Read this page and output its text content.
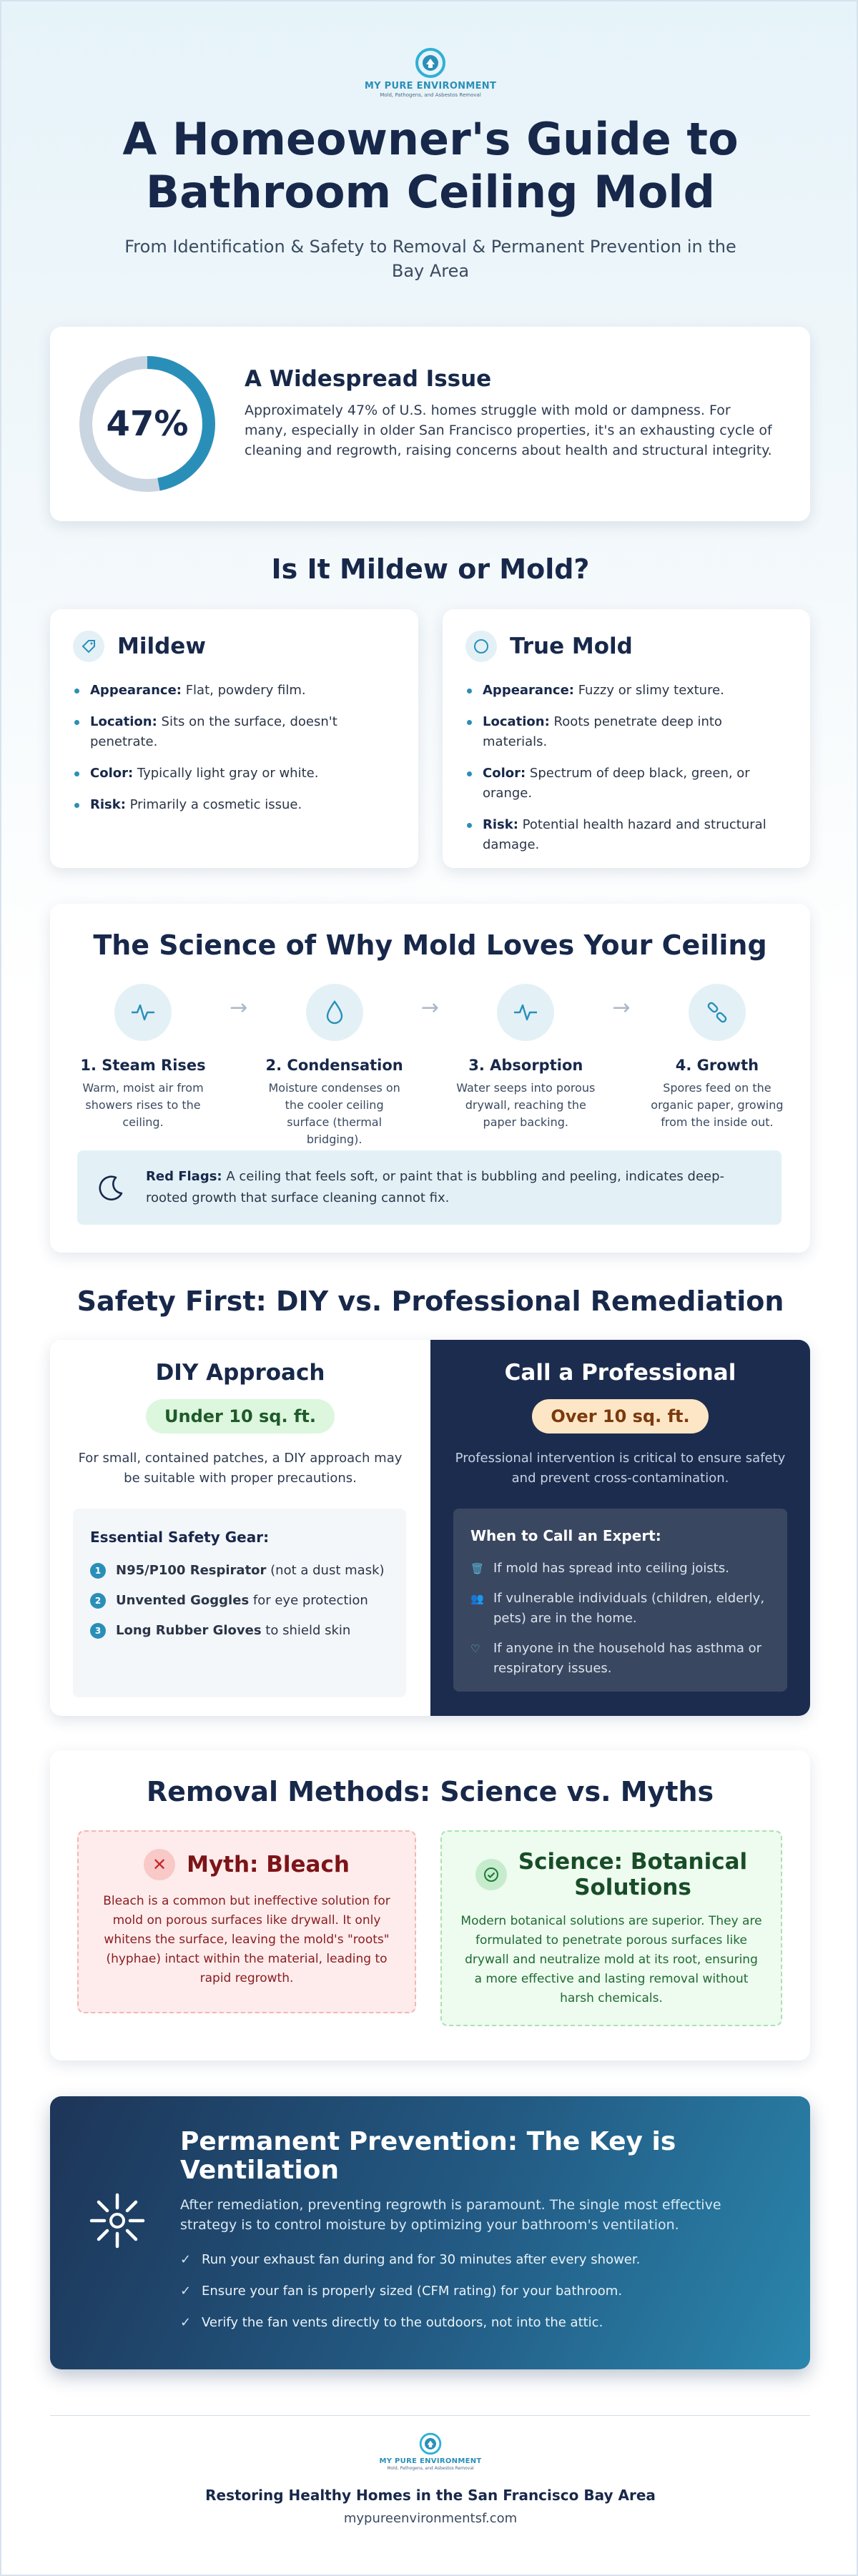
MY PURE ENVIRONMENT
Mold, Pathogens, and Asbestos Removal
A Homeowner's Guide to
Bathroom Ceiling Mold
From Identification & Safety to Removal & Permanent Prevention in the
Bay Area
47%
A Widespread Issue
Approximately 47% of U.S. homes struggle with mold or dampness. For many, especially in older San Francisco properties, it's an exhausting cycle of cleaning and regrowth, raising concerns about health and structural integrity.
Is It Mildew or Mold?
Mildew
Appearance: Flat, powdery film.
Location: Sits on the surface, doesn't penetrate.
Color: Typically light gray or white.
Risk: Primarily a cosmetic issue.
True Mold
Appearance: Fuzzy or slimy texture.
Location: Roots penetrate deep into materials.
Color: Spectrum of deep black, green, or orange.
Risk: Potential health hazard and structural damage.
The Science of Why Mold Loves Your Ceiling
1. Steam Rises
Warm, moist air from showers rises to the ceiling.
→
2. Condensation
Moisture condenses on the cooler ceiling surface (thermal bridging).
→
3. Absorption
Water seeps into porous drywall, reaching the paper backing.
→
4. Growth
Spores feed on the organic paper, growing from the inside out.
Red Flags: A ceiling that feels soft, or paint that is bubbling and peeling, indicates deep-rooted growth that surface cleaning cannot fix.
Safety First: DIY vs. Professional Remediation
DIY Approach
Under 10 sq. ft.
For small, contained patches, a DIY approach may be suitable with proper precautions.
Essential Safety Gear:
1	N95/P100 Respirator (not a dust mask)
2	Unvented Goggles for eye protection
3	Long Rubber Gloves to shield skin
Call a Professional
Over 10 sq. ft.
Professional intervention is critical to ensure safety and prevent cross-contamination.
When to Call an Expert:
🗑 If mold has spread into ceiling joists.
👥 If vulnerable individuals (children, elderly, pets) are in the home.
♡ If anyone in the household has asthma or respiratory issues.
Removal Methods: Science vs. Myths
✕ Myth: Bleach
Bleach is a common but ineffective solution for mold on porous surfaces like drywall. It only whitens the surface, leaving the mold's "roots" (hyphae) intact within the material, leading to rapid regrowth.
Science: Botanical
Solutions
Modern botanical solutions are superior. They are formulated to penetrate porous surfaces like drywall and neutralize mold at its root, ensuring a more effective and lasting removal without harsh chemicals.
Permanent Prevention: The Key is
Ventilation
After remediation, preventing regrowth is paramount. The single most effective strategy is to control moisture by optimizing your bathroom's ventilation.
✓ Run your exhaust fan during and for 30 minutes after every shower.
✓ Ensure your fan is properly sized (CFM rating) for your bathroom.
✓ Verify the fan vents directly to the outdoors, not into the attic.
MY PURE ENVIRONMENT
Mold, Pathogens, and Asbestos Removal
Restoring Healthy Homes in the San Francisco Bay Area
mypureenvironmentsf.com
